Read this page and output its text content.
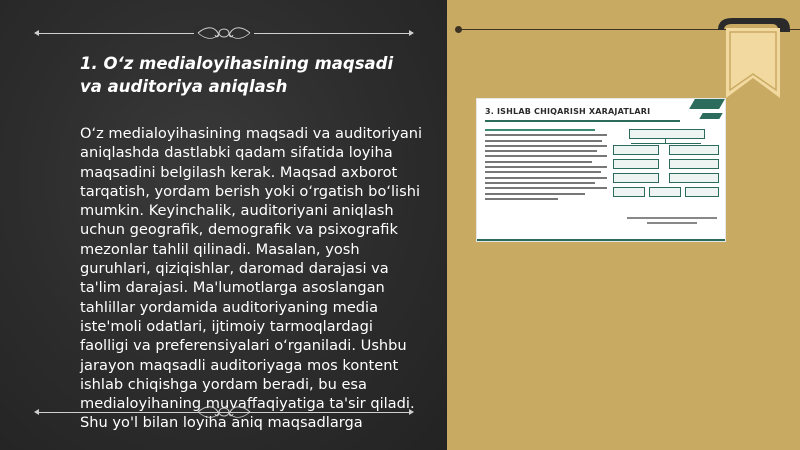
1. O‘z medialoyihasining maqsadi va auditoriya aniqlash
O‘z medialoyihasining maqsadi va auditoriyani aniqlashda dastlabki qadam sifatida loyiha maqsadini belgilash kerak. Maqsad axborot tarqatish, yordam berish yoki o‘rgatish bo‘lishi mumkin. Keyinchalik, auditoriyani aniqlash uchun geografik, demografik va psixografik mezonlar tahlil qilinadi. Masalan, yosh guruhlari, qiziqishlar, daromad darajasi va ta'lim darajasi. Ma'lumotlarga asoslangan tahlillar yordamida auditoriyaning media iste'moli odatlari, ijtimoiy tarmoqlardagi faolligi va preferensiyalari o‘rganiladi. Ushbu jarayon maqsadli auditoriyaga mos kontent ishlab chiqishga yordam beradi, bu esa medialoyihaning muvaffaqiyatiga ta'sir qiladi. Shu yo'l bilan loyiha aniq maqsadlarga
3. ISHLAB CHIQARISH XARAJATLARI
